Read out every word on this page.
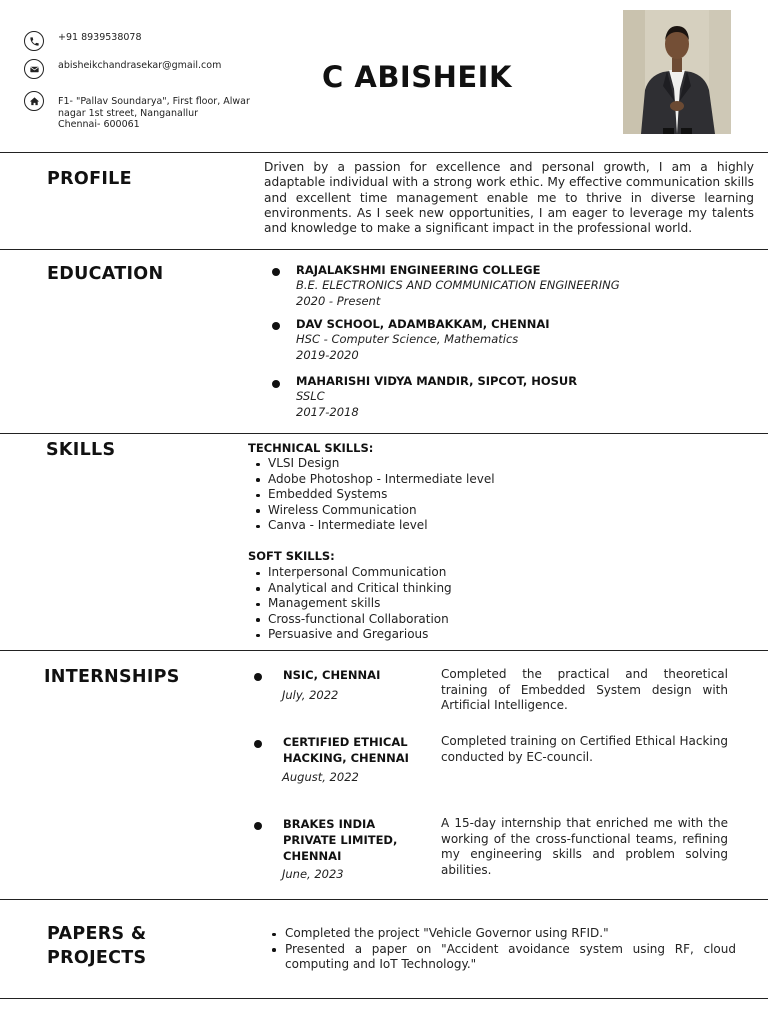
+91 8939538078
abisheikchandrasekar@gmail.com
F1- "Pallav Soundarya", First floor, Alwar
nagar 1st street, Nanganallur
Chennai- 600061
C ABISHEIK
PROFILE
Driven by a passion for excellence and personal growth, I am a highly adaptable individual with a strong work ethic. My effective communication skills and excellent time management enable me to thrive in diverse learning environments. As I seek new opportunities, I am eager to leverage my talents and knowledge to make a significant impact in the professional world.
EDUCATION	RAJALAKSHMI ENGINEERING COLLEGE
B.E. ELECTRONICS AND COMMUNICATION ENGINEERING
2020 - Present
DAV SCHOOL, ADAMBAKKAM, CHENNAI
HSC - Computer Science, Mathematics
2019-2020
MAHARISHI VIDYA MANDIR, SIPCOT, HOSUR
SSLC
2017-2018
SKILLS	TECHNICAL SKILLS:
VLSI Design
Adobe Photoshop - Intermediate level
Embedded Systems
Wireless Communication
Canva - Intermediate level
SOFT SKILLS:
Interpersonal Communication
Analytical and Critical thinking
Management skills
Cross-functional Collaboration
Persuasive and Gregarious
INTERNSHIPS	NSIC, CHENNAI
July, 2022
Completed the practical and theoretical training of Embedded System design with Artificial Intelligence.
CERTIFIED ETHICAL
HACKING, CHENNAI
August, 2022
Completed training on Certified Ethical Hacking conducted by EC-council.
BRAKES INDIA
PRIVATE LIMITED,
CHENNAI
June, 2023
A 15-day internship that enriched me with the working of the cross-functional teams, refining my engineering skills and problem solving abilities.
PAPERS &
PROJECTS
Completed the project "Vehicle Governor using RFID."
Presented a paper on "Accident avoidance system using RF, cloud computing and IoT Technology."
